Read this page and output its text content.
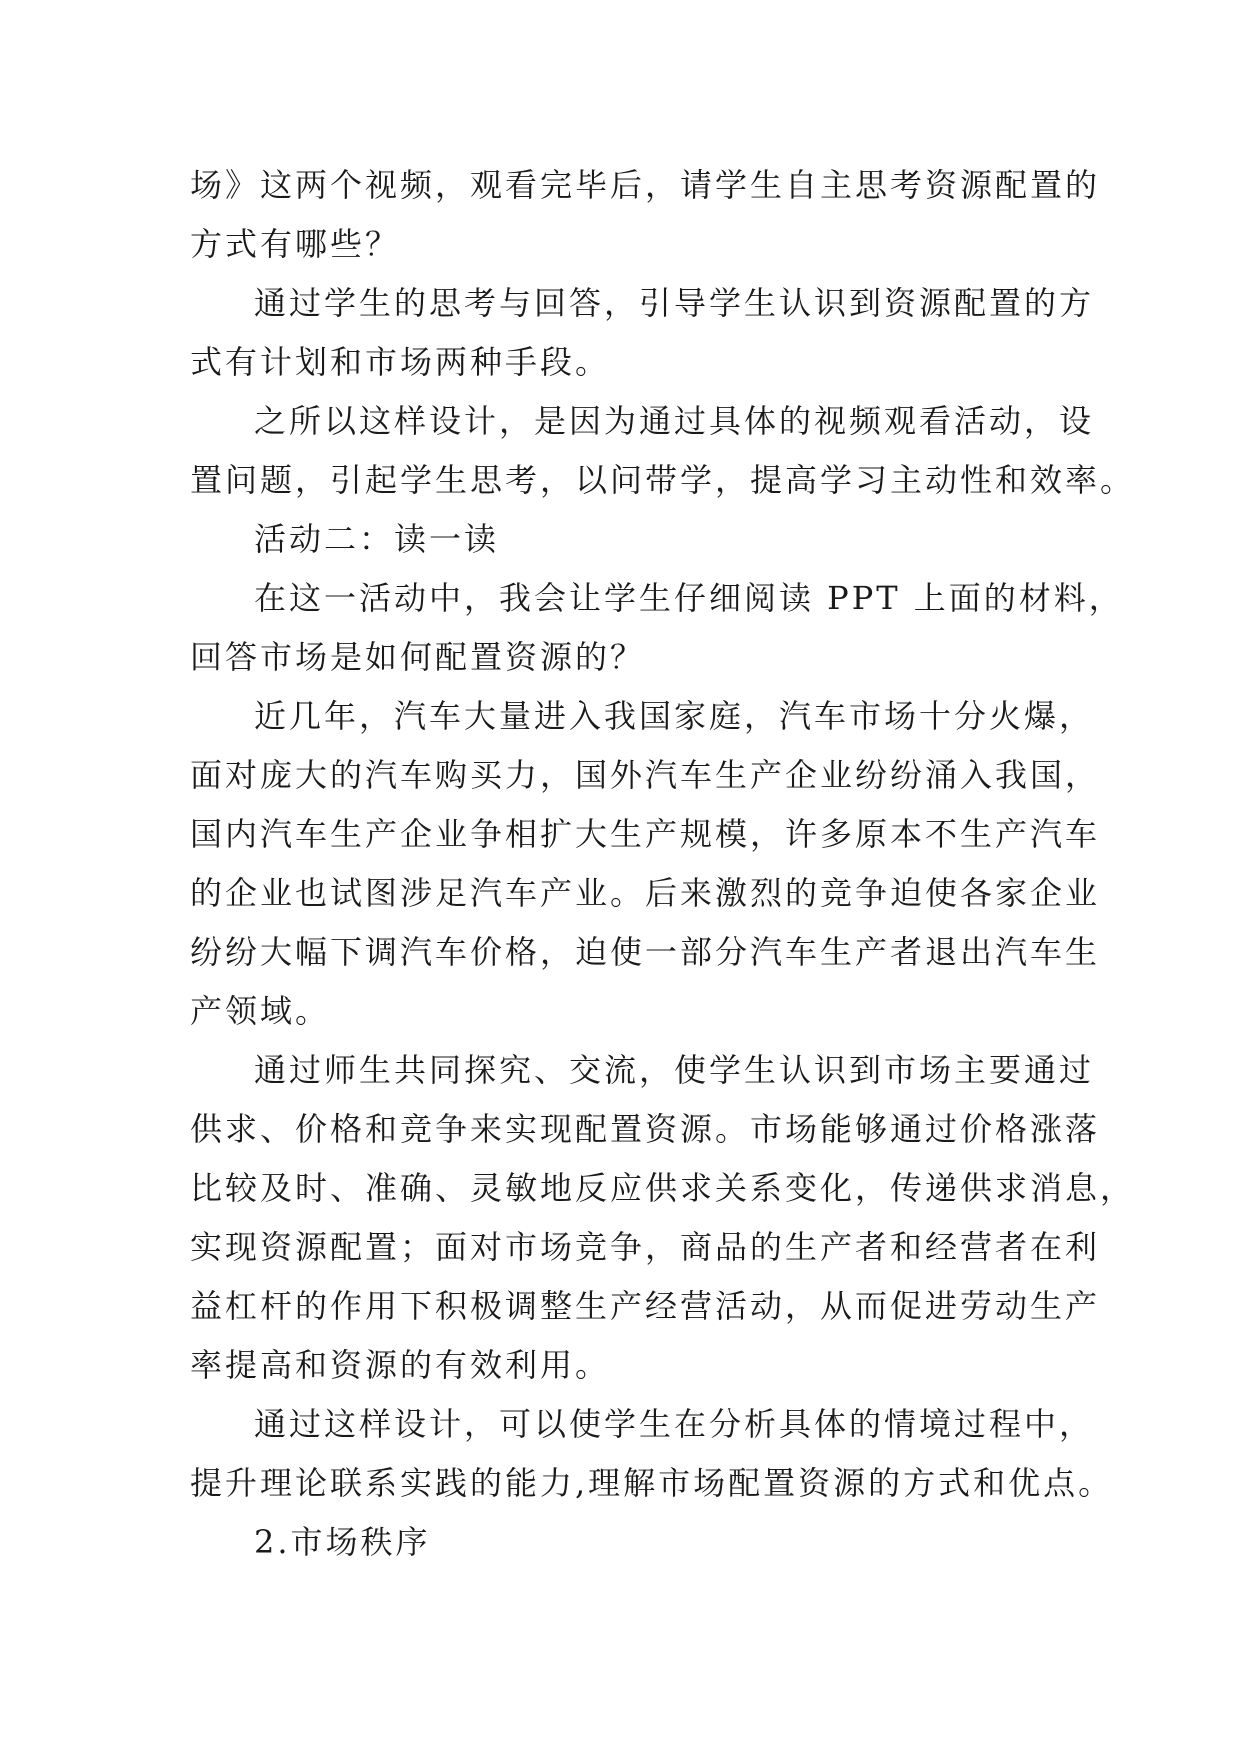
场》这两个视频，观看完毕后，请学生自主思考资源配置的
方式有哪些？
通过学生的思考与回答，引导学生认识到资源配置的方
式有计划和市场两种手段。
之所以这样设计，是因为通过具体的视频观看活动，设
置问题，引起学生思考，以问带学，提高学习主动性和效率。
活动二：读一读
在这一活动中，我会让学生仔细阅读 PPT 上面的材料，
回答市场是如何配置资源的？
近几年，汽车大量进入我国家庭，汽车市场十分火爆，
面对庞大的汽车购买力，国外汽车生产企业纷纷涌入我国，
国内汽车生产企业争相扩大生产规模，许多原本不生产汽车
的企业也试图涉足汽车产业。后来激烈的竞争迫使各家企业
纷纷大幅下调汽车价格，迫使一部分汽车生产者退出汽车生
产领域。
通过师生共同探究、交流，使学生认识到市场主要通过
供求、价格和竞争来实现配置资源。市场能够通过价格涨落
比较及时、准确、灵敏地反应供求关系变化，传递供求消息，
实现资源配置；面对市场竞争，商品的生产者和经营者在利
益杠杆的作用下积极调整生产经营活动，从而促进劳动生产
率提高和资源的有效利用。
通过这样设计，可以使学生在分析具体的情境过程中，
提升理论联系实践的能力,理解市场配置资源的方式和优点。
2.市场秩序
